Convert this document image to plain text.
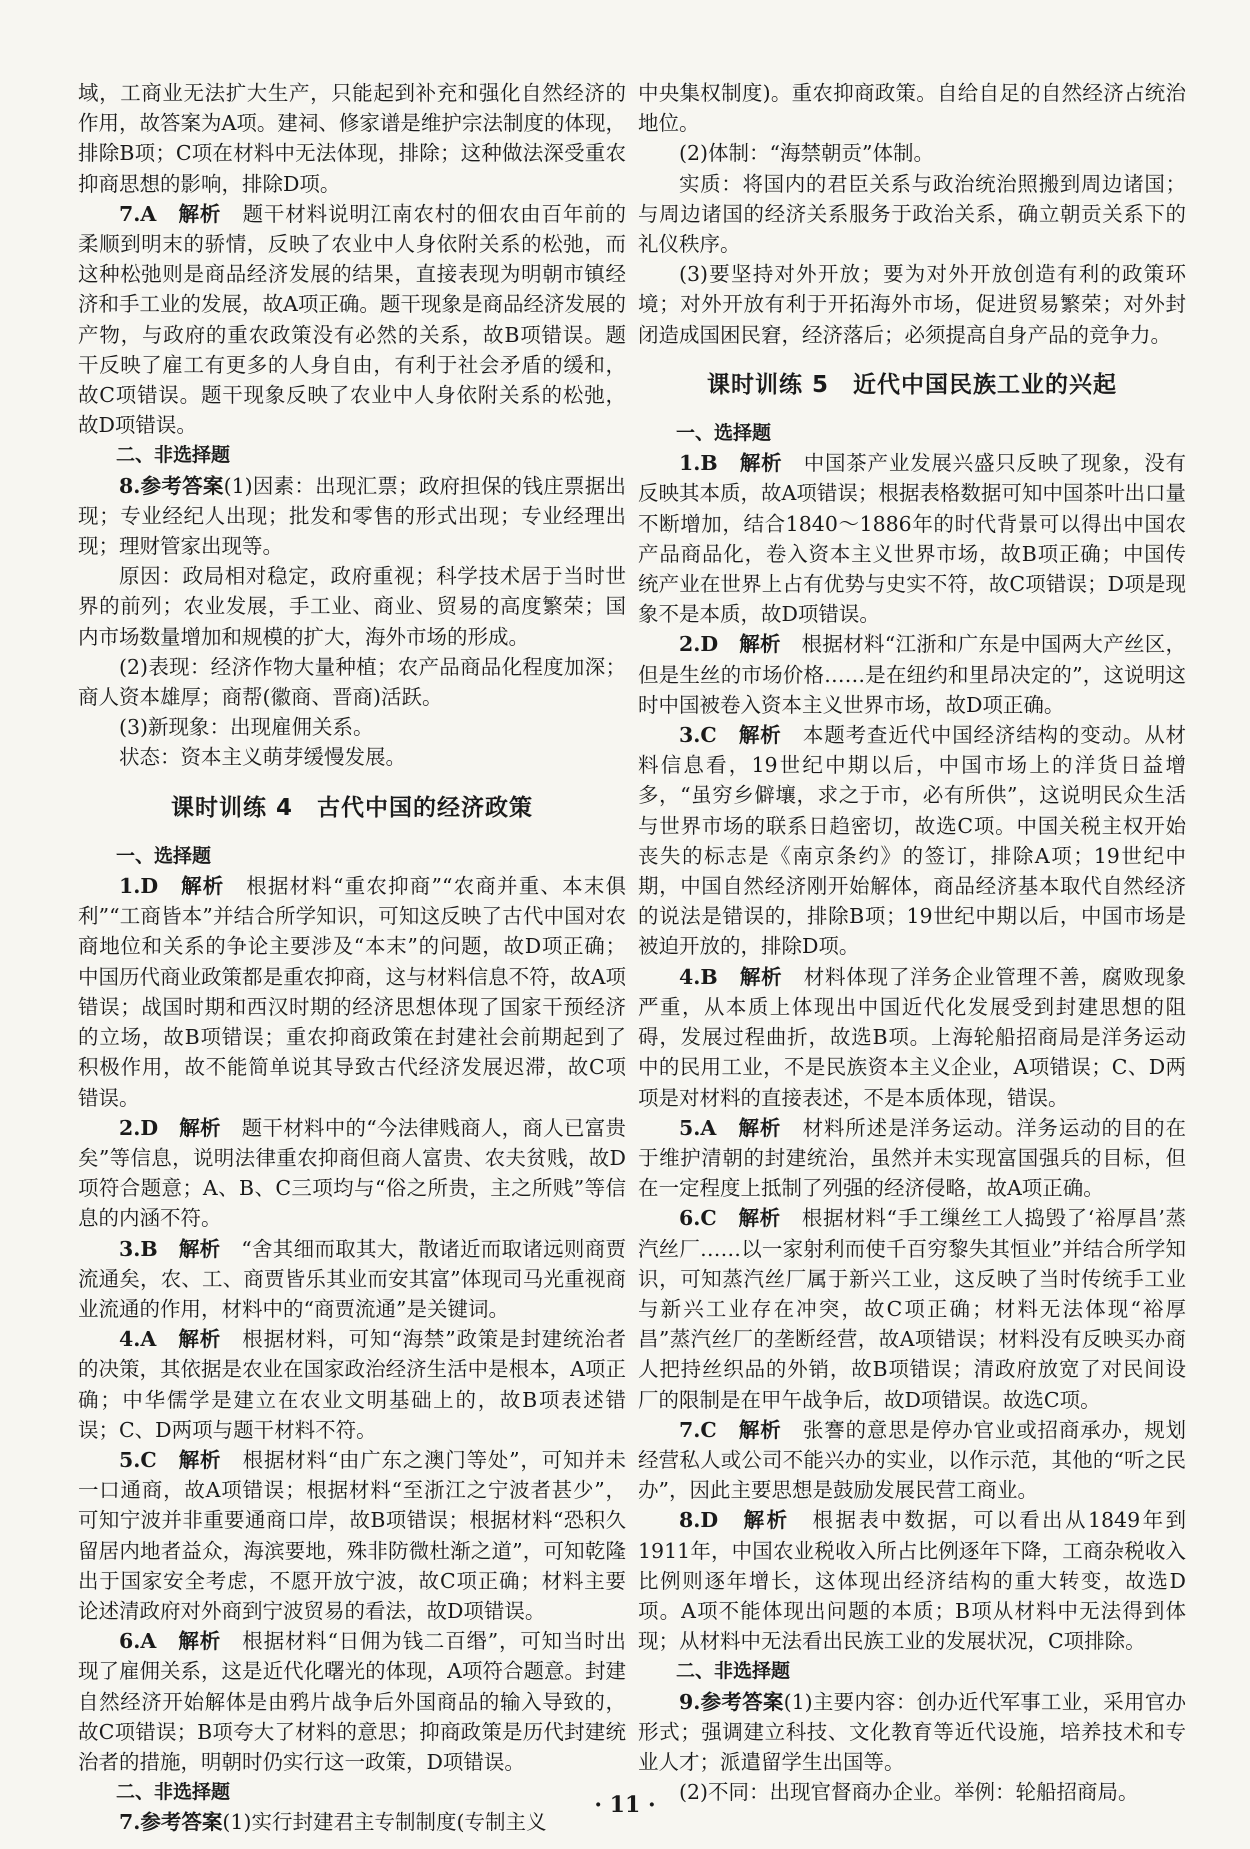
域，工商业无法扩大生产，只能起到补充和强化自然经济的作用，故答案为A项。建祠、修家谱是维护宗法制度的体现，排除B项；C项在材料中无法体现，排除；这种做法深受重农抑商思想的影响，排除D项。

7.A　 解析　 题干材料说明江南农村的佃农由百年前的柔顺到明末的骄情，反映了农业中人身依附关系的松弛，而这种松弛则是商品经济发展的结果，直接表现为明朝市镇经济和手工业的发展，故A项正确。题干现象是商品经济发展的产物，与政府的重农政策没有必然的关系，故B项错误。题干反映了雇工有更多的人身自由，有利于社会矛盾的缓和，故C项错误。题干现象反映了农业中人身依附关系的松弛，故D项错误。

二、非选择题

8.参考答案(1)因素：出现汇票；政府担保的钱庄票据出现；专业经纪人出现；批发和零售的形式出现；专业经理出现；理财管家出现等。

原因：政局相对稳定，政府重视；科学技术居于当时世界的前列；农业发展，手工业、商业、贸易的高度繁荣；国内市场数量增加和规模的扩大，海外市场的形成。

(2)表现：经济作物大量种植；农产品商品化程度加深；商人资本雄厚；商帮(徽商、晋商)活跃。

(3)新现象：出现雇佣关系。

状态：资本主义萌芽缓慢发展。

课时训练 4　古代中国的经济政策

一、选择题

1.D　 解析　 根据材料“重农抑商”“农商并重、本末俱利”“工商皆本”并结合所学知识，可知这反映了古代中国对农商地位和关系的争论主要涉及“本末”的问题，故D项正确；中国历代商业政策都是重农抑商，这与材料信息不符，故A项错误；战国时期和西汉时期的经济思想体现了国家干预经济的立场，故B项错误；重农抑商政策在封建社会前期起到了积极作用，故不能简单说其导致古代经济发展迟滞，故C项错误。

2.D　 解析　 题干材料中的“今法律贱商人，商人已富贵矣”等信息，说明法律重农抑商但商人富贵、农夫贫贱，故D项符合题意；A、B、C三项均与“俗之所贵，主之所贱”等信息的内涵不符。

3.B　 解析　 “舍其细而取其大，散诸近而取诸远则商贾流通矣，农、工、商贾皆乐其业而安其富”体现司马光重视商业流通的作用，材料中的“商贾流通”是关键词。

4.A　 解析　 根据材料，可知“海禁”政策是封建统治者的决策，其依据是农业在国家政治经济生活中是根本，A项正确；中华儒学是建立在农业文明基础上的，故B项表述错误；C、D两项与题干材料不符。

5.C　 解析　 根据材料“由广东之澳门等处”，可知并未一口通商，故A项错误；根据材料“至浙江之宁波者甚少”，可知宁波并非重要通商口岸，故B项错误；根据材料“恐积久留居内地者益众，海滨要地，殊非防微杜渐之道”，可知乾隆出于国家安全考虑，不愿开放宁波，故C项正确；材料主要论述清政府对外商到宁波贸易的看法，故D项错误。

6.A　 解析　 根据材料“日佣为钱二百缗”，可知当时出现了雇佣关系，这是近代化曙光的体现，A项符合题意。封建自然经济开始解体是由鸦片战争后外国商品的输入导致的，故C项错误；B项夸大了材料的意思；抑商政策是历代封建统治者的措施，明朝时仍实行这一政策，D项错误。

二、非选择题

7.参考答案(1)实行封建君主专制制度(专制主义

中央集权制度)。重农抑商政策。自给自足的自然经济占统治地位。

(2)体制：“海禁朝贡”体制。

实质：将国内的君臣关系与政治统治照搬到周边诸国；与周边诸国的经济关系服务于政治关系，确立朝贡关系下的礼仪秩序。

(3)要坚持对外开放；要为对外开放创造有利的政策环境；对外开放有利于开拓海外市场，促进贸易繁荣；对外封闭造成国困民窘，经济落后；必须提高自身产品的竞争力。

课时训练 5　近代中国民族工业的兴起

一、选择题

1.B　 解析　 中国茶产业发展兴盛只反映了现象，没有反映其本质，故A项错误；根据表格数据可知中国茶叶出口量不断增加，结合1840～1886年的时代背景可以得出中国农产品商品化，卷入资本主义世界市场，故B项正确；中国传统产业在世界上占有优势与史实不符，故C项错误；D项是现象不是本质，故D项错误。

2.D　 解析　 根据材料“江浙和广东是中国两大产丝区，但是生丝的市场价格……是在纽约和里昂决定的”，这说明这时中国被卷入资本主义世界市场，故D项正确。

3.C　 解析　 本题考查近代中国经济结构的变动。从材料信息看，19世纪中期以后，中国市场上的洋货日益增多，“虽穷乡僻壤，求之于市，必有所供”，这说明民众生活与世界市场的联系日趋密切，故选C项。中国关税主权开始丧失的标志是《南京条约》的签订，排除A项；19世纪中期，中国自然经济刚开始解体，商品经济基本取代自然经济的说法是错误的，排除B项；19世纪中期以后，中国市场是被迫开放的，排除D项。

4.B　 解析　 材料体现了洋务企业管理不善，腐败现象严重，从本质上体现出中国近代化发展受到封建思想的阻碍，发展过程曲折，故选B项。上海轮船招商局是洋务运动中的民用工业，不是民族资本主义企业，A项错误；C、D两项是对材料的直接表述，不是本质体现，错误。

5.A　 解析　 材料所述是洋务运动。洋务运动的目的在于维护清朝的封建统治，虽然并未实现富国强兵的目标，但在一定程度上抵制了列强的经济侵略，故A项正确。

6.C　 解析　 根据材料“手工缫丝工人捣毁了‘裕厚昌’蒸汽丝厂……以一家射利而使千百穷黎失其恒业”并结合所学知识，可知蒸汽丝厂属于新兴工业，这反映了当时传统手工业与新兴工业存在冲突，故C项正确；材料无法体现“裕厚昌”蒸汽丝厂的垄断经营，故A项错误；材料没有反映买办商人把持丝织品的外销，故B项错误；清政府放宽了对民间设厂的限制是在甲午战争后，故D项错误。故选C项。

7.C　 解析　 张謇的意思是停办官业或招商承办，规划经营私人或公司不能兴办的实业，以作示范，其他的“听之民办”，因此主要思想是鼓励发展民营工商业。

8.D　 解析　 根据表中数据，可以看出从1849年到1911年，中国农业税收入所占比例逐年下降，工商杂税收入比例则逐年增长，这体现出经济结构的重大转变，故选D项。A项不能体现出问题的本质；B项从材料中无法得到体现；从材料中无法看出民族工业的发展状况，C项排除。

二、非选择题

9.参考答案(1)主要内容：创办近代军事工业，采用官办形式；强调建立科技、文化教育等近代设施，培养技术和专业人才；派遣留学生出国等。

(2)不同：出现官督商办企业。举例：轮船招商局。

· 11 ·
​
